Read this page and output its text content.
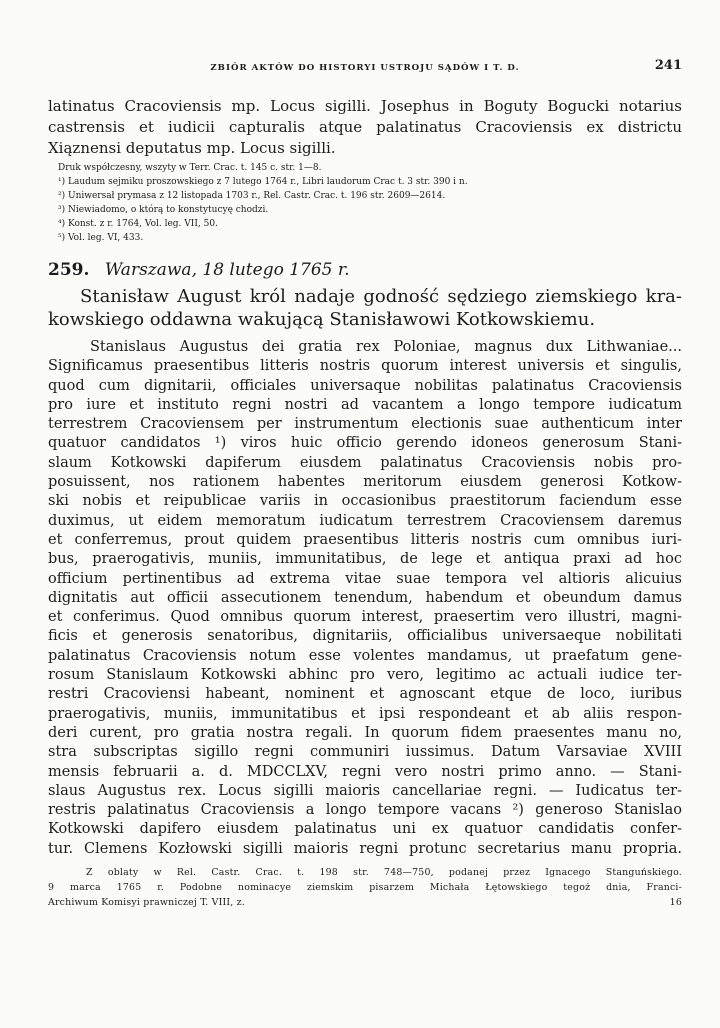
ZBIÓR AKTÓW DO HISTORYI USTROJU SĄDÓW I T. D.	241
latinatus Cracoviensis mp. Locus sigilli. Josephus in Boguty Bogucki notarius
castrensis et iudicii capturalis atque palatinatus Cracoviensis ex districtu
Xiąznensi deputatus mp. Locus sigilli.
Druk współczesny, wszyty w Terr. Crac. t. 145 c. str. 1—8.
¹) Laudum sejmiku proszowskiego z 7 lutego 1764 r., Libri laudorum Crac t. 3 str. 390 i n.
²) Uniwersał prymasa z 12 listopada 1703 r., Rel. Castr. Crac. t. 196 str. 2609—2614.
³) Niewiadomo, o którą to konstytucyę chodzi.
⁴) Konst. z r. 1764, Vol. leg. VII, 50.
⁵) Vol. leg. VI, 433.
259. Warszawa, 18 lutego 1765 r.
Stanisław August król nadaje godność sędziego ziemskiego kra-
kowskiego oddawna wakującą Stanisławowi Kotkowskiemu.
Stanislaus Augustus dei gratia rex Poloniae, magnus dux Lithwaniae...
Significamus praesentibus litteris nostris quorum interest universis et singulis,
quod cum dignitarii, officiales universaque nobilitas palatinatus Cracoviensis
pro iure et instituto regni nostri ad vacantem a longo tempore iudicatum
terrestrem Cracoviensem per instrumentum electionis suae authenticum inter
quatuor candidatos ¹) viros huic officio gerendo idoneos generosum Stani-
slaum Kotkowski dapiferum eiusdem palatinatus Cracoviensis nobis pro-
posuissent, nos rationem habentes meritorum eiusdem generosi Kotkow-
ski nobis et reipublicae variis in occasionibus praestitorum faciendum esse
duximus, ut eidem memoratum iudicatum terrestrem Cracoviensem daremus
et conferremus, prout quidem praesentibus litteris nostris cum omnibus iuri-
bus, praerogativis, muniis, immunitatibus, de lege et antiqua praxi ad hoc
officium pertinentibus ad extrema vitae suae tempora vel altioris alicuius
dignitatis aut officii assecutionem tenendum, habendum et obeundum damus
et conferimus. Quod omnibus quorum interest, praesertim vero illustri, magni-
ficis et generosis senatoribus, dignitariis, officialibus universaeque nobilitati
palatinatus Cracoviensis notum esse volentes mandamus, ut praefatum gene-
rosum Stanislaum Kotkowski abhinc pro vero, legitimo ac actuali iudice ter-
restri Cracoviensi habeant, nominent et agnoscant etque de loco, iuribus
praerogativis, muniis, immunitatibus et ipsi respondeant et ab aliis respon-
deri curent, pro gratia nostra regali. In quorum fidem praesentes manu no,
stra subscriptas sigillo regni communiri iussimus. Datum Varsaviae XVIII
mensis februarii a. d. MDCCLXV, regni vero nostri primo anno. — Stani-
slaus Augustus rex. Locus sigilli maioris cancellariae regni. — Iudicatus ter-
restris palatinatus Cracoviensis a longo tempore vacans ²) generoso Stanislao
Kotkowski dapifero eiusdem palatinatus uni ex quatuor candidatis confer-
tur. Clemens Kozłowski sigilli maioris regni protunc secretarius manu propria.
Z oblaty w Rel. Castr. Crac. t. 198 str. 748—750, podanej przez Ignacego Stanguńskiego.
9 marca 1765 r. Podobne nominacye ziemskim pisarzem Michała Łętowskiego tegoż dnia, Franci-
Archiwum Komisyi prawniczej T. VIII, z.	16
